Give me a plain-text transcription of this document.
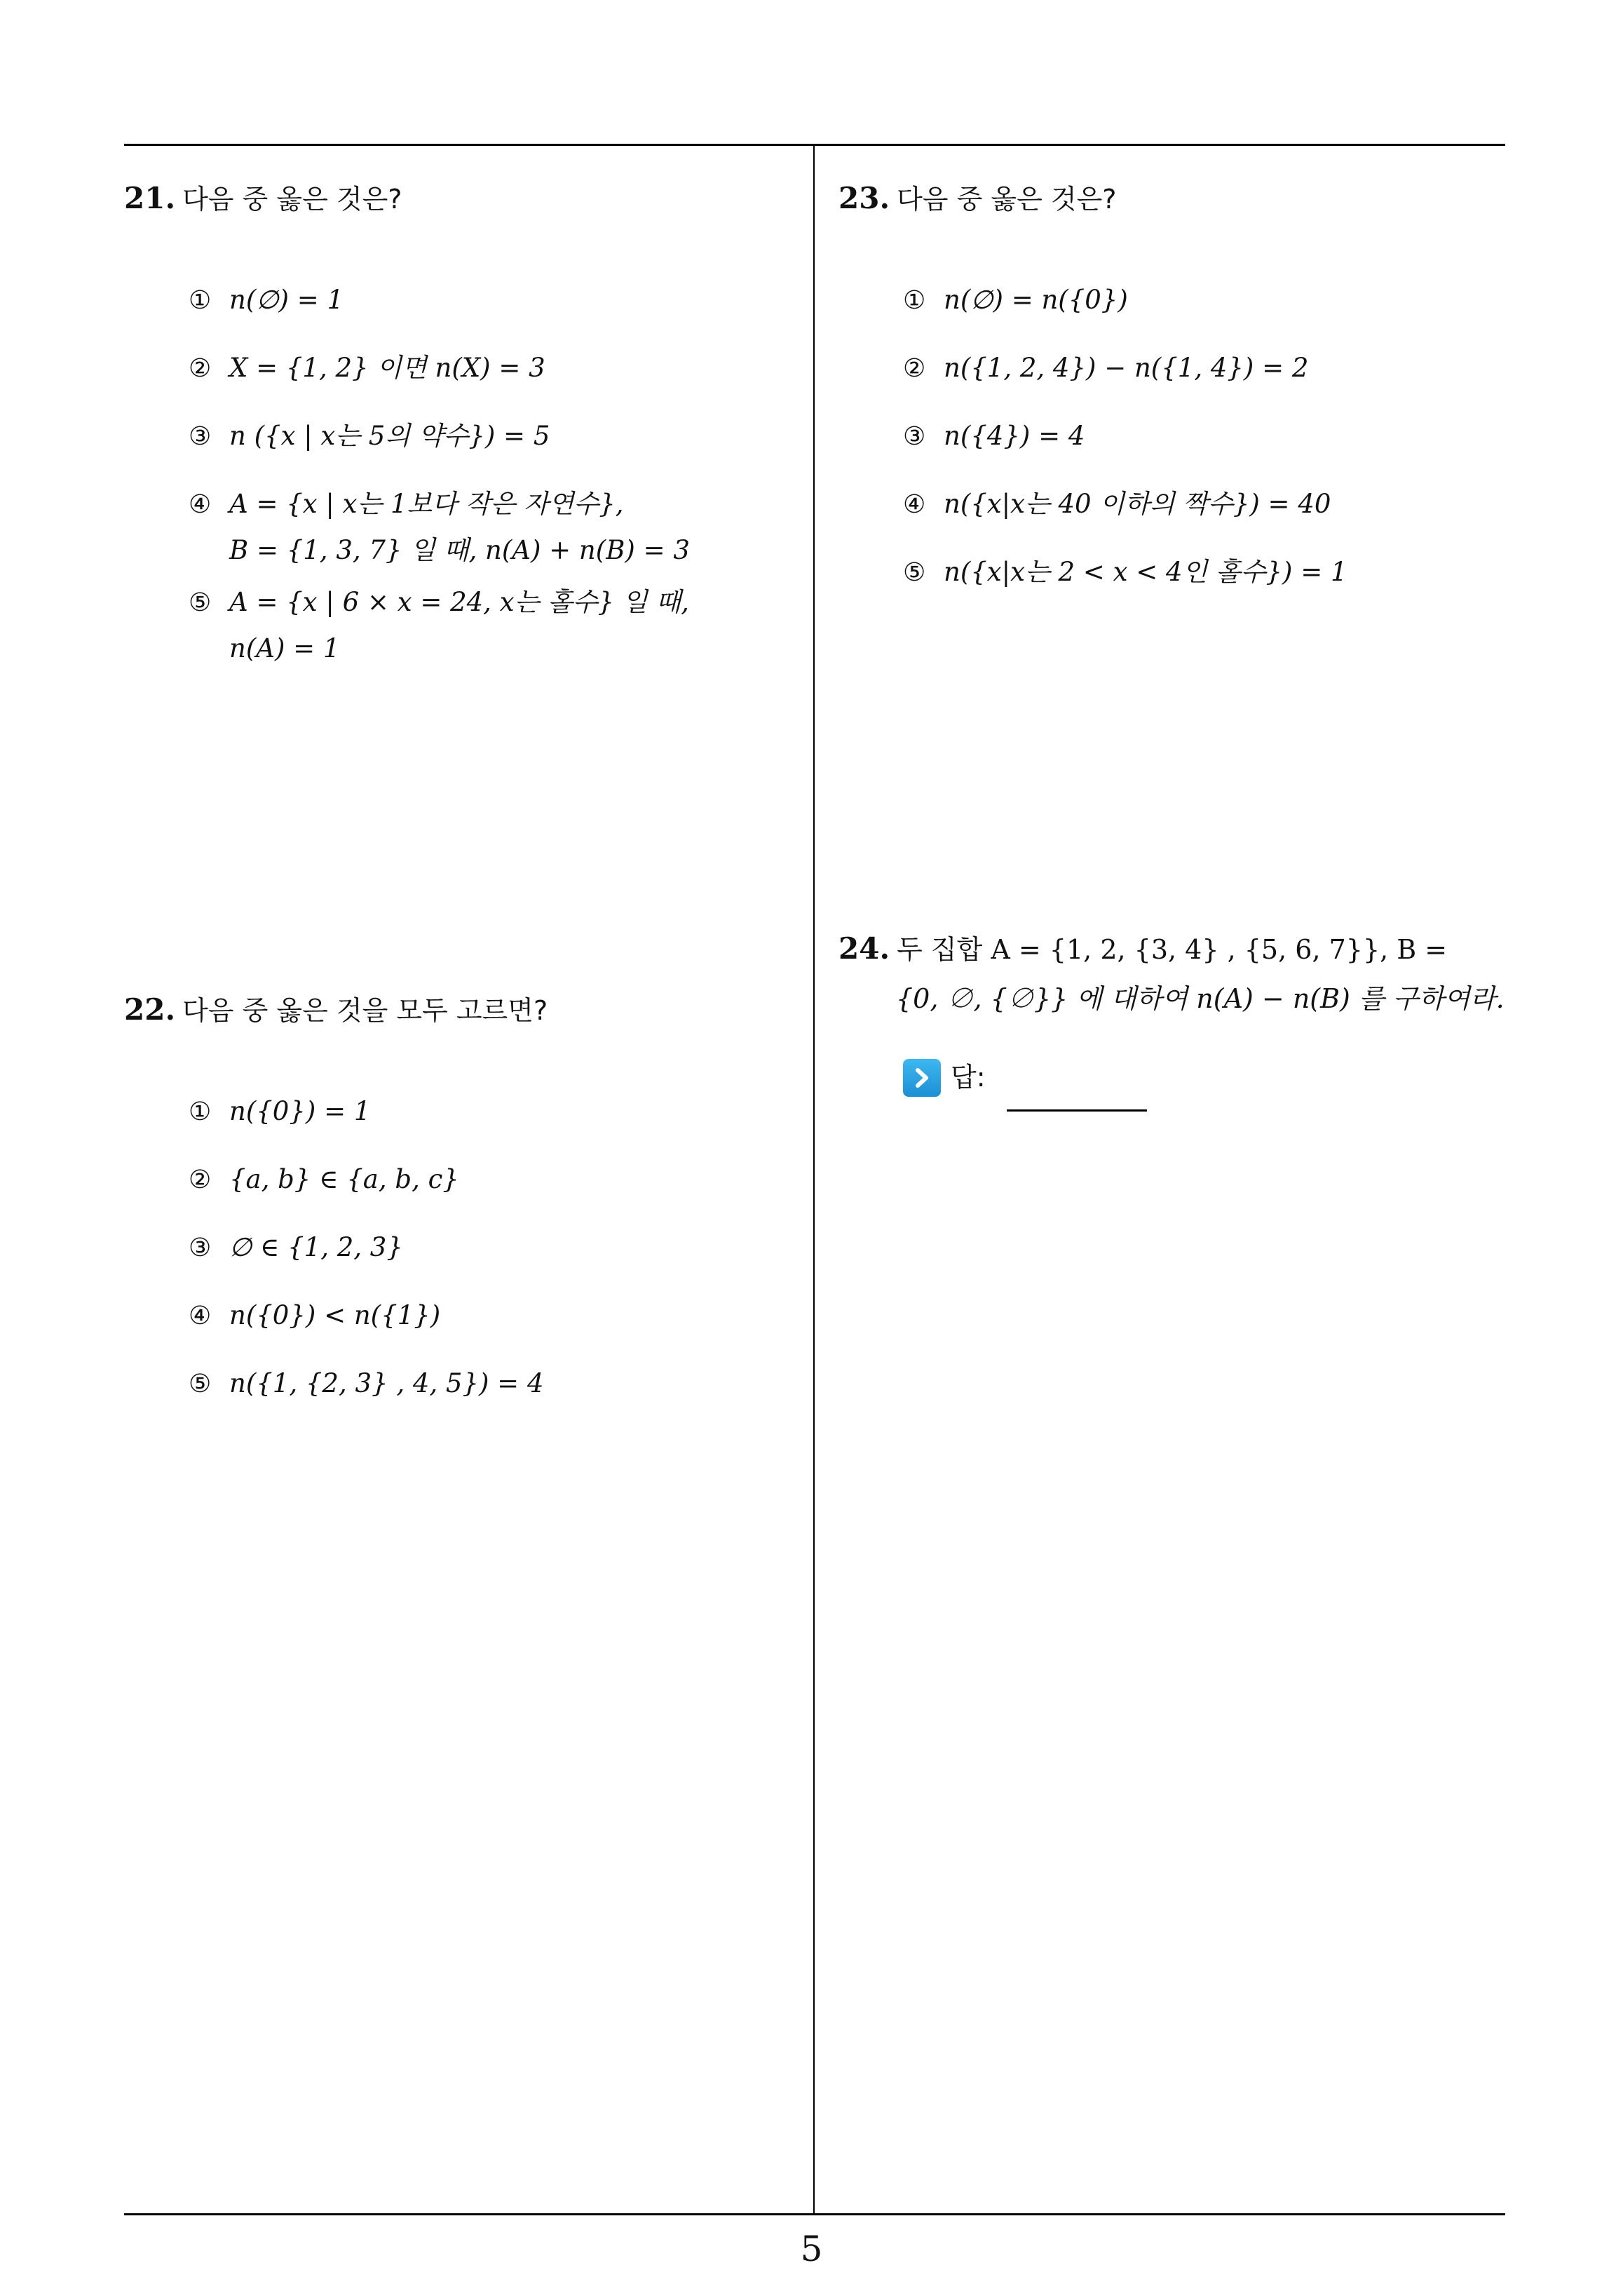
21. 다음 중 옳은 것은?
① n(∅) = 1
② X = {1, 2} 이면 n(X) = 3
③ n ({x | x는 5의 약수}) = 5
④ A = {x | x는 1보다 작은 자연수},
B = {1, 3, 7} 일 때, n(A) + n(B) = 3
⑤ A = {x | 6 × x = 24, x는 홀수} 일 때,
n(A) = 1
22. 다음 중 옳은 것을 모두 고르면?
① n({0}) = 1
② {a, b} ∈ {a, b, c}
③ ∅ ∈ {1, 2, 3}
④ n({0}) < n({1})
⑤ n({1, {2, 3} , 4, 5}) = 4
23. 다음 중 옳은 것은?
① n(∅) = n({0})
② n({1, 2, 4}) − n({1, 4}) = 2
③ n({4}) = 4
④ n({x|x는 40 이하의 짝수}) = 40
⑤ n({x|x는 2 < x < 4인 홀수}) = 1
24. 두 집합 A = {1, 2, {3, 4} , {5, 6, 7}}, B =
{0, ∅, {∅}} 에 대하여 n(A) − n(B) 를 구하여라.
답:
5
